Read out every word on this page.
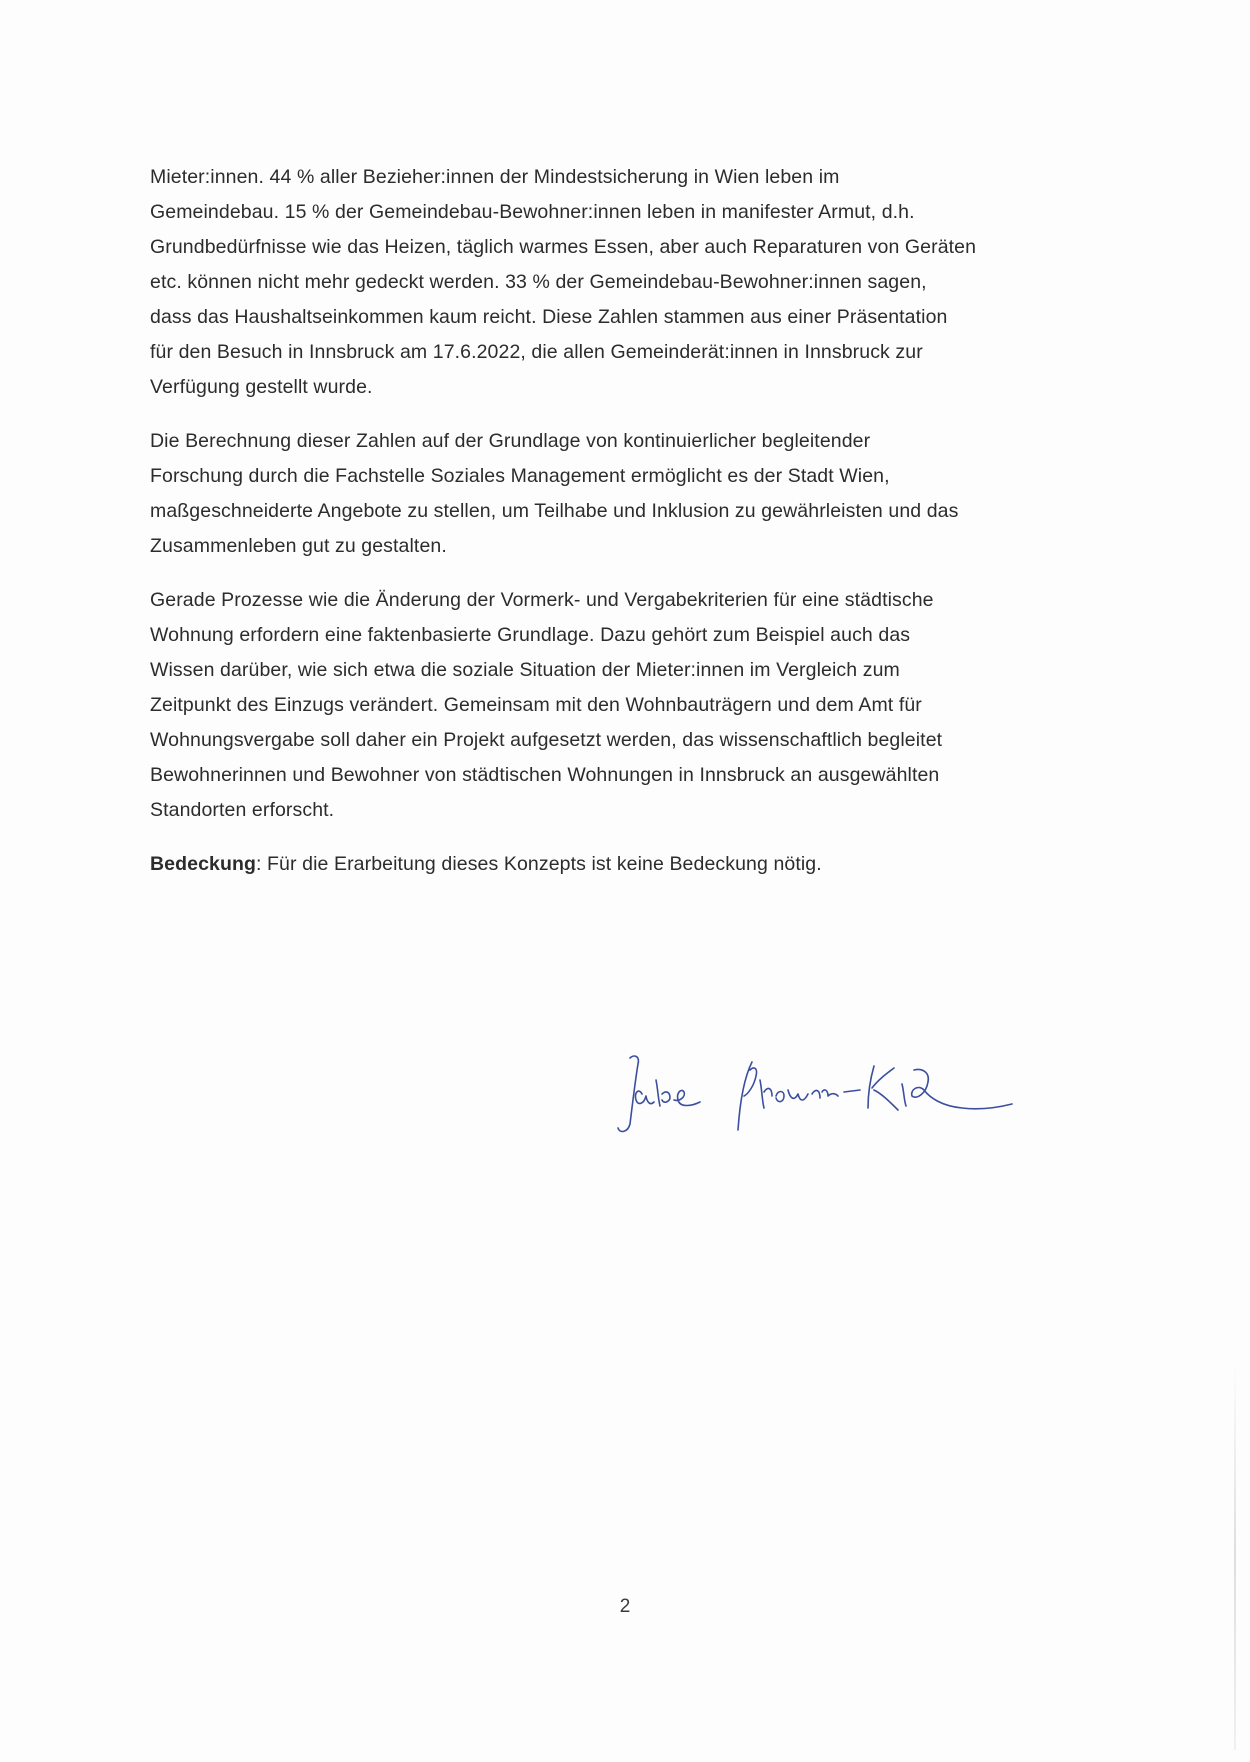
Mieter:innen. 44 % aller Bezieher:innen der Mindestsicherung in Wien leben im
Gemeindebau. 15 % der Gemeindebau-Bewohner:innen leben in manifester Armut, d.h.
Grundbedürfnisse wie das Heizen, täglich warmes Essen, aber auch Reparaturen von Geräten
etc. können nicht mehr gedeckt werden. 33 % der Gemeindebau-Bewohner:innen sagen,
dass das Haushaltseinkommen kaum reicht. Diese Zahlen stammen aus einer Präsentation
für den Besuch in Innsbruck am 17.6.2022, die allen Gemeinderät:innen in Innsbruck zur
Verfügung gestellt wurde.

Die Berechnung dieser Zahlen auf der Grundlage von kontinuierlicher begleitender
Forschung durch die Fachstelle Soziales Management ermöglicht es der Stadt Wien,
maßgeschneiderte Angebote zu stellen, um Teilhabe und Inklusion zu gewährleisten und das
Zusammenleben gut zu gestalten.

Gerade Prozesse wie die Änderung der Vormerk- und Vergabekriterien für eine städtische
Wohnung erfordern eine faktenbasierte Grundlage. Dazu gehört zum Beispiel auch das
Wissen darüber, wie sich etwa die soziale Situation der Mieter:innen im Vergleich zum
Zeitpunkt des Einzugs verändert. Gemeinsam mit den Wohnbauträgern und dem Amt für
Wohnungsvergabe soll daher ein Projekt aufgesetzt werden, das wissenschaftlich begleitet
Bewohnerinnen und Bewohner von städtischen Wohnungen in Innsbruck an ausgewählten
Standorten erforscht.

Bedeckung: Für die Erarbeitung dieses Konzepts ist keine Bedeckung nötig.

2
